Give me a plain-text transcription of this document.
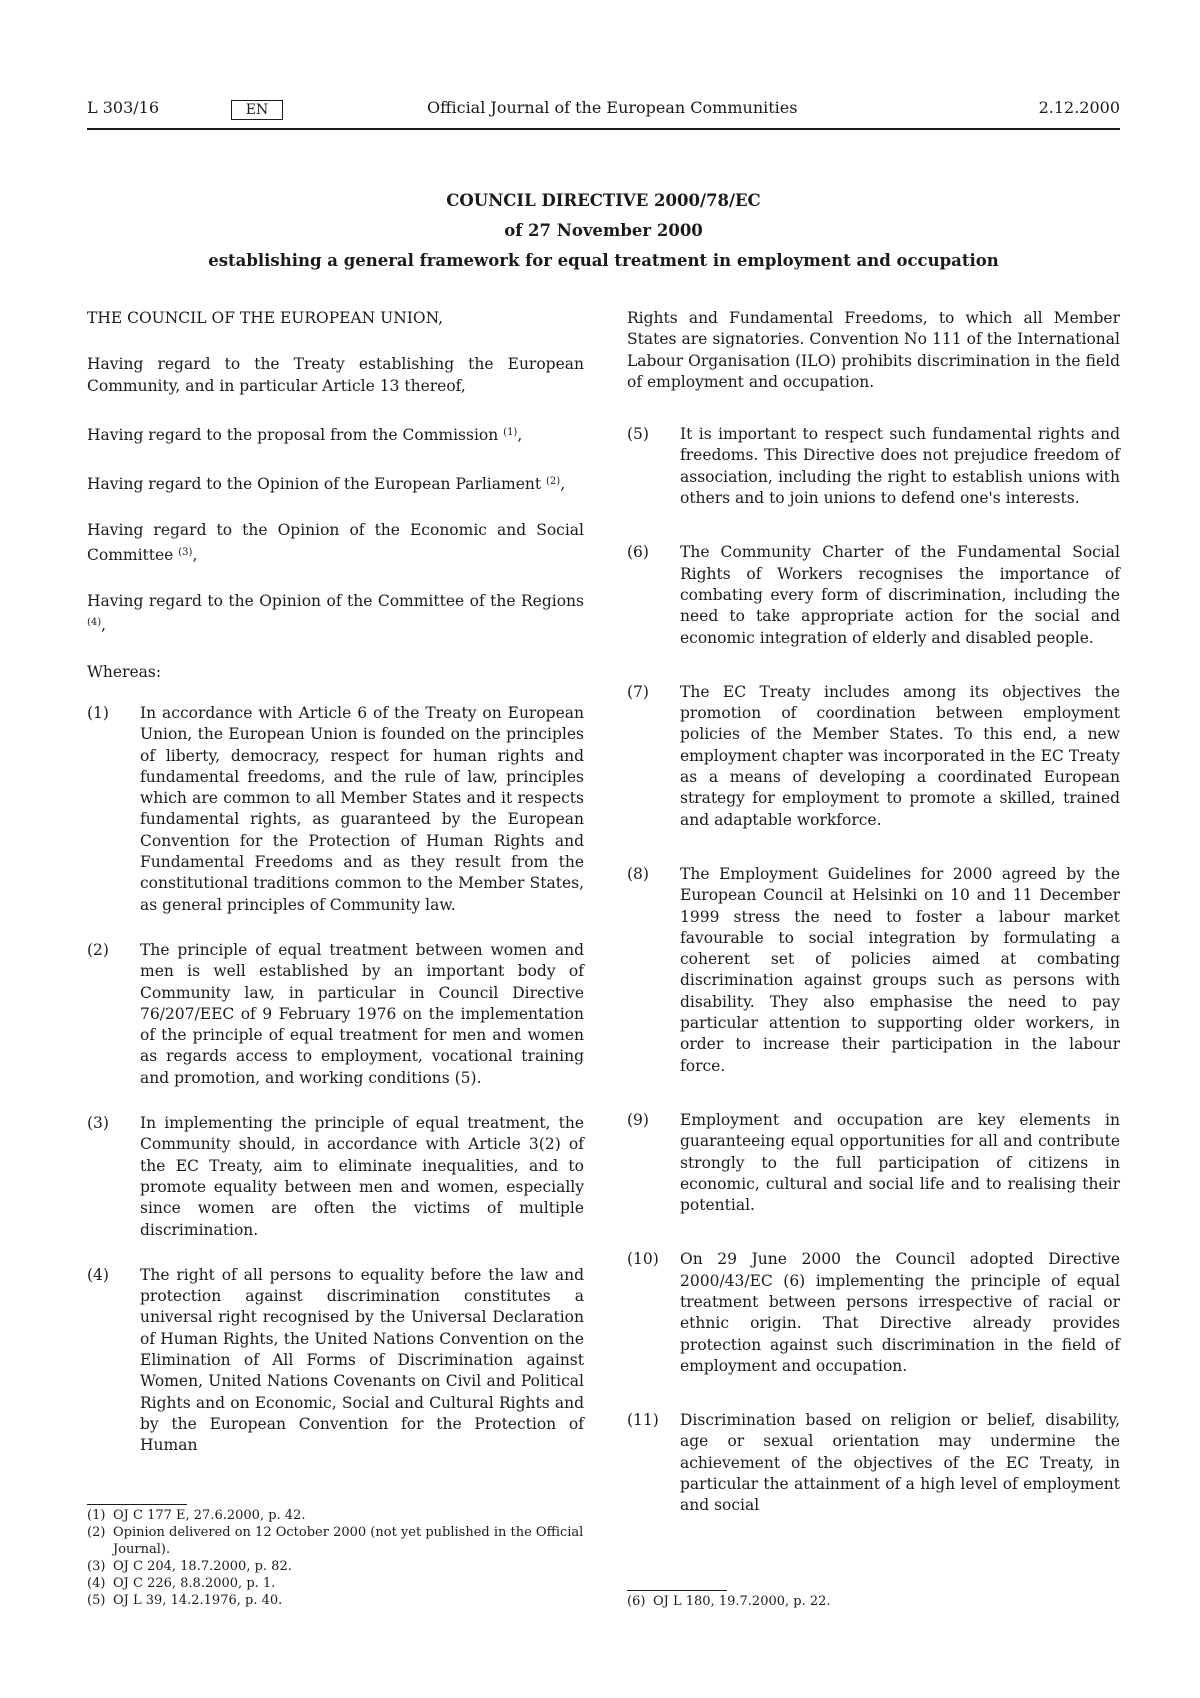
L 303/16	EN	Official Journal of the European Communities	2.12.2000
COUNCIL DIRECTIVE 2000/78/EC
of 27 November 2000
establishing a general framework for equal treatment in employment and occupation

THE COUNCIL OF THE EUROPEAN UNION,

Having regard to the Treaty establishing the European Community, and in particular Article 13 thereof,

Having regard to the proposal from the Commission $^{(1)}$,

Having regard to the Opinion of the European Parliament $^{(2)}$,

Having regard to the Opinion of the Economic and Social Committee $^{(3)}$,

Having regard to the Opinion of the Committee of the Regions $^{(4)}$,

Whereas:

(1) In accordance with Article 6 of the Treaty on European Union, the European Union is founded on the principles of liberty, democracy, respect for human rights and fundamental freedoms, and the rule of law, principles which are common to all Member States and it respects fundamental rights, as guaranteed by the European Convention for the Protection of Human Rights and Fundamental Freedoms and as they result from the constitutional traditions common to the Member States, as general principles of Community law.
(2) The principle of equal treatment between women and men is well established by an important body of Community law, in particular in Council Directive 76/207/EEC of 9 February 1976 on the implementation of the principle of equal treatment for men and women as regards access to employment, vocational training and promotion, and working conditions (5).
(3) In implementing the principle of equal treatment, the Community should, in accordance with Article 3(2) of the EC Treaty, aim to eliminate inequalities, and to promote equality between men and women, especially since women are often the victims of multiple discrimination.
(4) The right of all persons to equality before the law and protection against discrimination constitutes a universal right recognised by the Universal Declaration of Human Rights, the United Nations Convention on the Elimination of All Forms of Discrimination against Women, United Nations Covenants on Civil and Political Rights and on Economic, Social and Cultural Rights and by the European Convention for the Protection of Human

Rights and Fundamental Freedoms, to which all Member States are signatories. Convention No 111 of the International Labour Organisation (ILO) prohibits discrimination in the field of employment and occupation.

(5) It is important to respect such fundamental rights and freedoms. This Directive does not prejudice freedom of association, including the right to establish unions with others and to join unions to defend one's interests.
(6) The Community Charter of the Fundamental Social Rights of Workers recognises the importance of combating every form of discrimination, including the need to take appropriate action for the social and economic integration of elderly and disabled people.
(7) The EC Treaty includes among its objectives the promotion of coordination between employment policies of the Member States. To this end, a new employment chapter was incorporated in the EC Treaty as a means of developing a coordinated European strategy for employment to promote a skilled, trained and adaptable workforce.
(8) The Employment Guidelines for 2000 agreed by the European Council at Helsinki on 10 and 11 December 1999 stress the need to foster a labour market favourable to social integration by formulating a coherent set of policies aimed at combating discrimination against groups such as persons with disability. They also emphasise the need to pay particular attention to supporting older workers, in order to increase their participation in the labour force.
(9) Employment and occupation are key elements in guaranteeing equal opportunities for all and contribute strongly to the full participation of citizens in economic, cultural and social life and to realising their potential.
(10) On 29 June 2000 the Council adopted Directive 2000/43/EC (6) implementing the principle of equal treatment between persons irrespective of racial or ethnic origin. That Directive already provides protection against such discrimination in the field of employment and occupation.
(11) Discrimination based on religion or belief, disability, age or sexual orientation may undermine the achievement of the objectives of the EC Treaty, in particular the attainment of a high level of employment and social
(1) OJ C 177 E, 27.6.2000, p. 42.
(2) Opinion delivered on 12 October 2000 (not yet published in the Official Journal).
(3) OJ C 204, 18.7.2000, p. 82.
(4) OJ C 226, 8.8.2000, p. 1.
(5) OJ L 39, 14.2.1976, p. 40.	(6) OJ L 180, 19.7.2000, p. 22.
